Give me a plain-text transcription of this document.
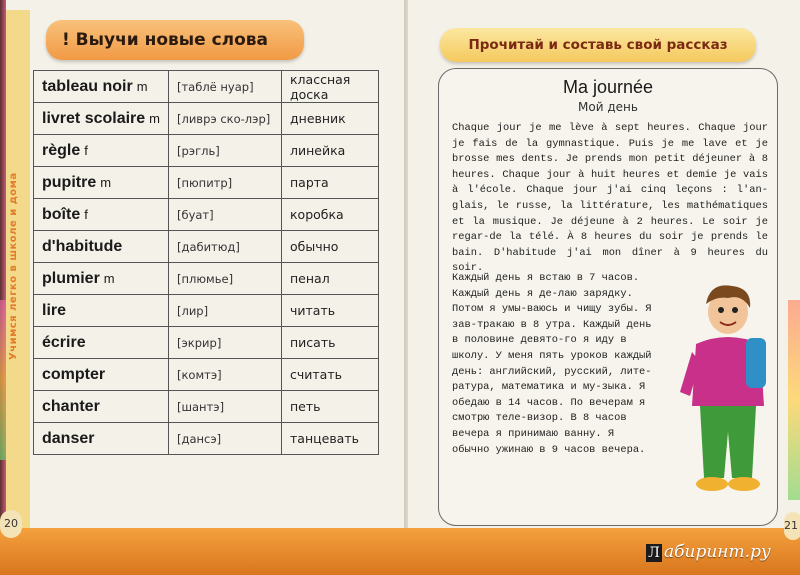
Учимся легко в школе и дома
! Выучи новые слова
tableau noir m	[таблё нуар]	классная доска
livret scolaire m	[ливрэ ско-лэр]	дневник
règle f	[рэгль]	линейка
pupitre m	[пюпитр]	парта
boîte f	[буат]	коробка
d'habitude	[дабитюд]	обычно
plumier m	[плюмье]	пенал
lire	[лир]	читать
écrire	[экрир]	писать
compter	[комтэ]	считать
chanter	[шантэ]	петь
danser	[дансэ]	танцевать
Прочитай и составь свой рассказ
Ma journée
Мой день
Chaque jour je me lève à sept heures. Chaque jour je fais de la gymnastique. Puis je me lave et je brosse mes dents. Je prends mon petit déjeuner à 8 heures. Chaque jour à huit heures et demie je vais à l'école. Chaque jour j'ai cinq leçons : l'an-glais, le russe, la littérature, les mathématiques et la musique. Je déjeune à 2 heures. Le soir je regar-de la télé. À 8 heures du soir je prends le bain. D'habitude j'ai mon dîner à 9 heures du soir.
Каждый день я встаю в 7 часов. Каждый день я де-лаю зарядку. Потом я умы-ваюсь и чищу зубы. Я зав-тракаю в 8 утра. Каждый день в половине девято-го я иду в школу. У меня пять уроков каждый день: английский, русский, лите-ратура, математика и му-зыка. Я обедаю в 14 часов. По вечерам я смотрю теле-визор. В 8 часов вечера я принимаю ванну. Я обычно ужинаю в 9 часов вечера.
20	21
Л абиринт.ру
